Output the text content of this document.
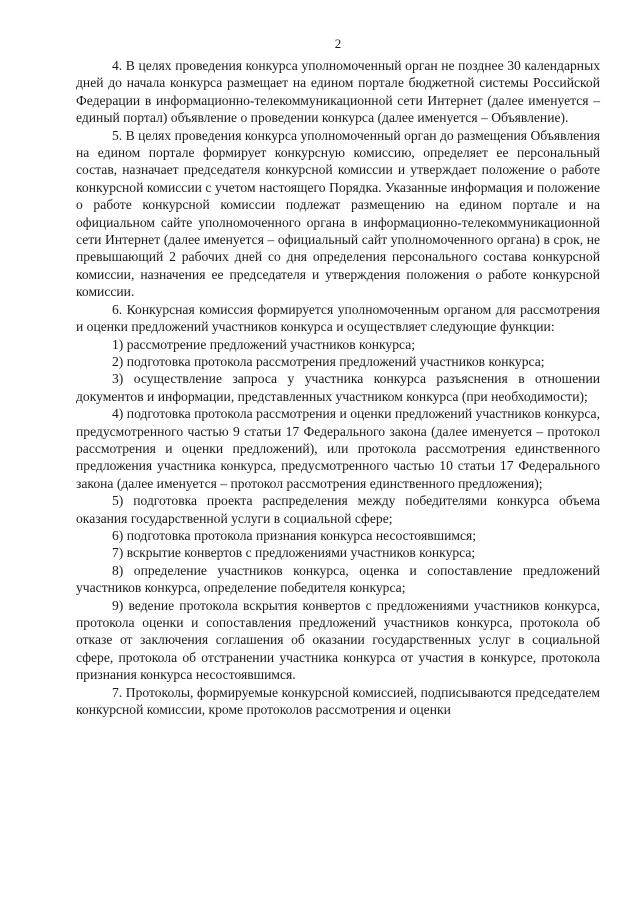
2

4. В целях проведения конкурса уполномоченный орган не позднее 30 календарных дней до начала конкурса размещает на едином портале бюджетной системы Российской Федерации в информационно-телекоммуникационной сети Интернет (далее именуется – единый портал) объявление о проведении конкурса (далее именуется – Объявление).

5. В целях проведения конкурса уполномоченный орган до размещения Объявления на едином портале формирует конкурсную комиссию, определяет ее персональный состав, назначает председателя конкурсной комиссии и утверждает положение о работе конкурсной комиссии с учетом настоящего Порядка. Указанные информация и положение о работе конкурсной комиссии подлежат размещению на едином портале и на официальном сайте уполномоченного органа в информационно-телекоммуникационной сети Интернет (далее именуется – официальный сайт уполномоченного органа) в срок, не превышающий 2 рабочих дней со дня определения персонального состава конкурсной комиссии, назначения ее председателя и утверждения положения о работе конкурсной комиссии.

6. Конкурсная комиссия формируется уполномоченным органом для рассмотрения и оценки предложений участников конкурса и осуществляет следующие функции:

1) рассмотрение предложений участников конкурса;

2) подготовка протокола рассмотрения предложений участников конкурса;

3) осуществление запроса у участника конкурса разъяснения в отношении документов и информации, представленных участником конкурса (при необходимости);

4) подготовка протокола рассмотрения и оценки предложений участников конкурса, предусмотренного частью 9 статьи 17 Федерального закона (далее именуется – протокол рассмотрения и оценки предложений), или протокола рассмотрения единственного предложения участника конкурса, предусмотренного частью 10 статьи 17 Федерального закона (далее именуется – протокол рассмотрения единственного предложения);

5) подготовка проекта распределения между победителями конкурса объема оказания государственной услуги в социальной сфере;

6) подготовка протокола признания конкурса несостоявшимся;

7) вскрытие конвертов с предложениями участников конкурса;

8) определение участников конкурса, оценка и сопоставление предложений участников конкурса, определение победителя конкурса;

9) ведение протокола вскрытия конвертов с предложениями участников конкурса, протокола оценки и сопоставления предложений участников конкурса, протокола об отказе от заключения соглашения об оказании государственных услуг в социальной сфере, протокола об отстранении участника конкурса от участия в конкурсе, протокола признания конкурса несостоявшимся.

7. Протоколы, формируемые конкурсной комиссией, подписываются председателем конкурсной комиссии, кроме протоколов рассмотрения и оценки
